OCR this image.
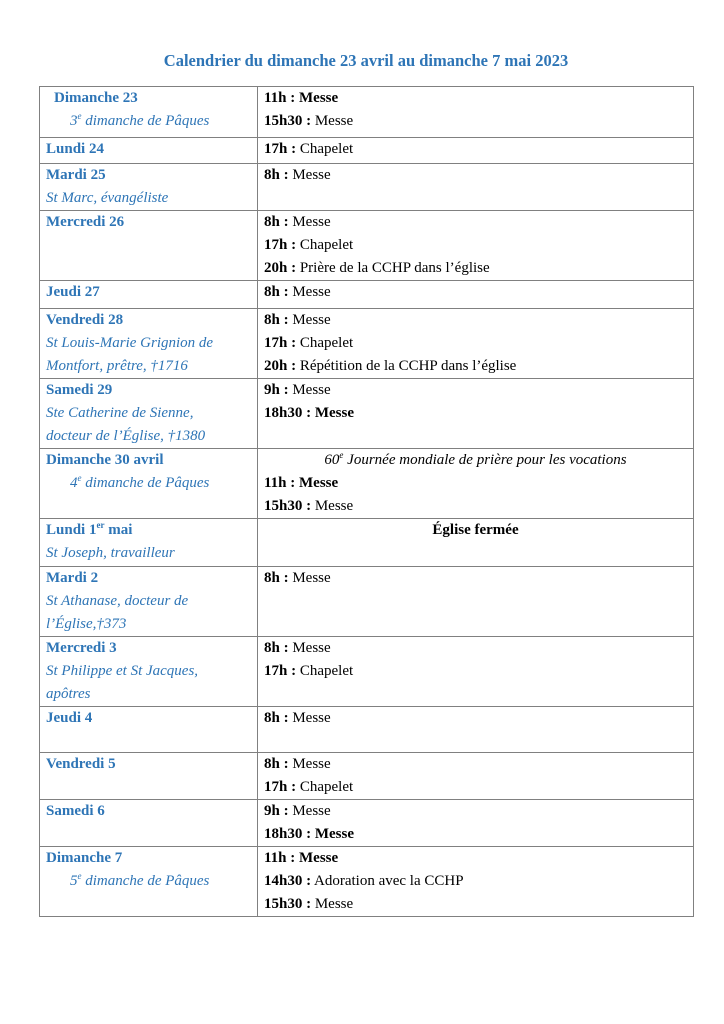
Calendrier du dimanche 23 avril au dimanche 7 mai 2023
Dimanche 23
3e dimanche de Pâques	11h : Messe
15h30 : Messe

Lundi 24	17h : Chapelet

Mardi 25
St Marc, évangéliste	8h : Messe

Mercredi 26	8h : Messe
17h : Chapelet
20h : Prière de la CCHP dans l’église

Jeudi 27	8h : Messe

Vendredi 28
St Louis-Marie Grignion de
Montfort, prêtre, †1716	8h : Messe
17h : Chapelet
20h : Répétition de la CCHP dans l’église

Samedi 29
Ste Catherine de Sienne,
docteur de l’Église, †1380	9h : Messe
18h30 : Messe

Dimanche 30 avril
4e dimanche de Pâques	60e Journée mondiale de prière pour les vocations
11h : Messe
15h30 : Messe

Lundi 1er mai
St Joseph, travailleur	Église fermée

Mardi 2
St Athanase, docteur de
l’Église,†373	8h : Messe

Mercredi 3
St Philippe et St Jacques,
apôtres	8h : Messe
17h : Chapelet

Jeudi 4	8h : Messe

Vendredi 5	8h : Messe
17h : Chapelet

Samedi 6	9h : Messe
18h30 : Messe

Dimanche 7
5e dimanche de Pâques	11h : Messe
14h30 : Adoration avec la CCHP
15h30 : Messe
